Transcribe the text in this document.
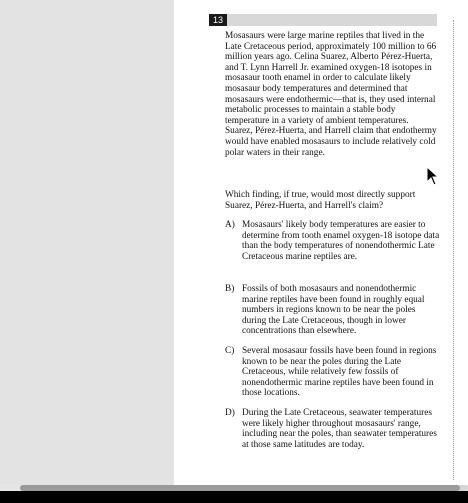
13
Mosasaurs were large marine reptiles that lived in the Late Cretaceous period, approximately 100 million to 66 million years ago. Celina Suarez, Alberto Pérez-Huerta, and T. Lynn Harrell Jr. examined oxygen-18 isotopes in mosasaur tooth enamel in order to calculate likely mosasaur body temperatures and determined that mosasaurs were endothermic—that is, they used internal metabolic processes to maintain a stable body temperature in a variety of ambient temperatures. Suarez, Pérez-Huerta, and Harrell claim that endothermy would have enabled mosasaurs to include relatively cold polar waters in their range.
Which finding, if true, would most directly support Suarez, Pérez-Huerta, and Harrell's claim?
A) Mosasaurs' likely body temperatures are easier to determine from tooth enamel oxygen-18 isotope data than the body temperatures of nonendothermic Late Cretaceous marine reptiles are.
B) Fossils of both mosasaurs and nonendothermic marine reptiles have been found in roughly equal numbers in regions known to be near the poles during the Late Cretaceous, though in lower concentrations than elsewhere.
C) Several mosasaur fossils have been found in regions known to be near the poles during the Late Cretaceous, while relatively few fossils of nonendothermic marine reptiles have been found in those locations.
D) During the Late Cretaceous, seawater temperatures were likely higher throughout mosasaurs' range, including near the poles, than seawater temperatures at those same latitudes are today.
